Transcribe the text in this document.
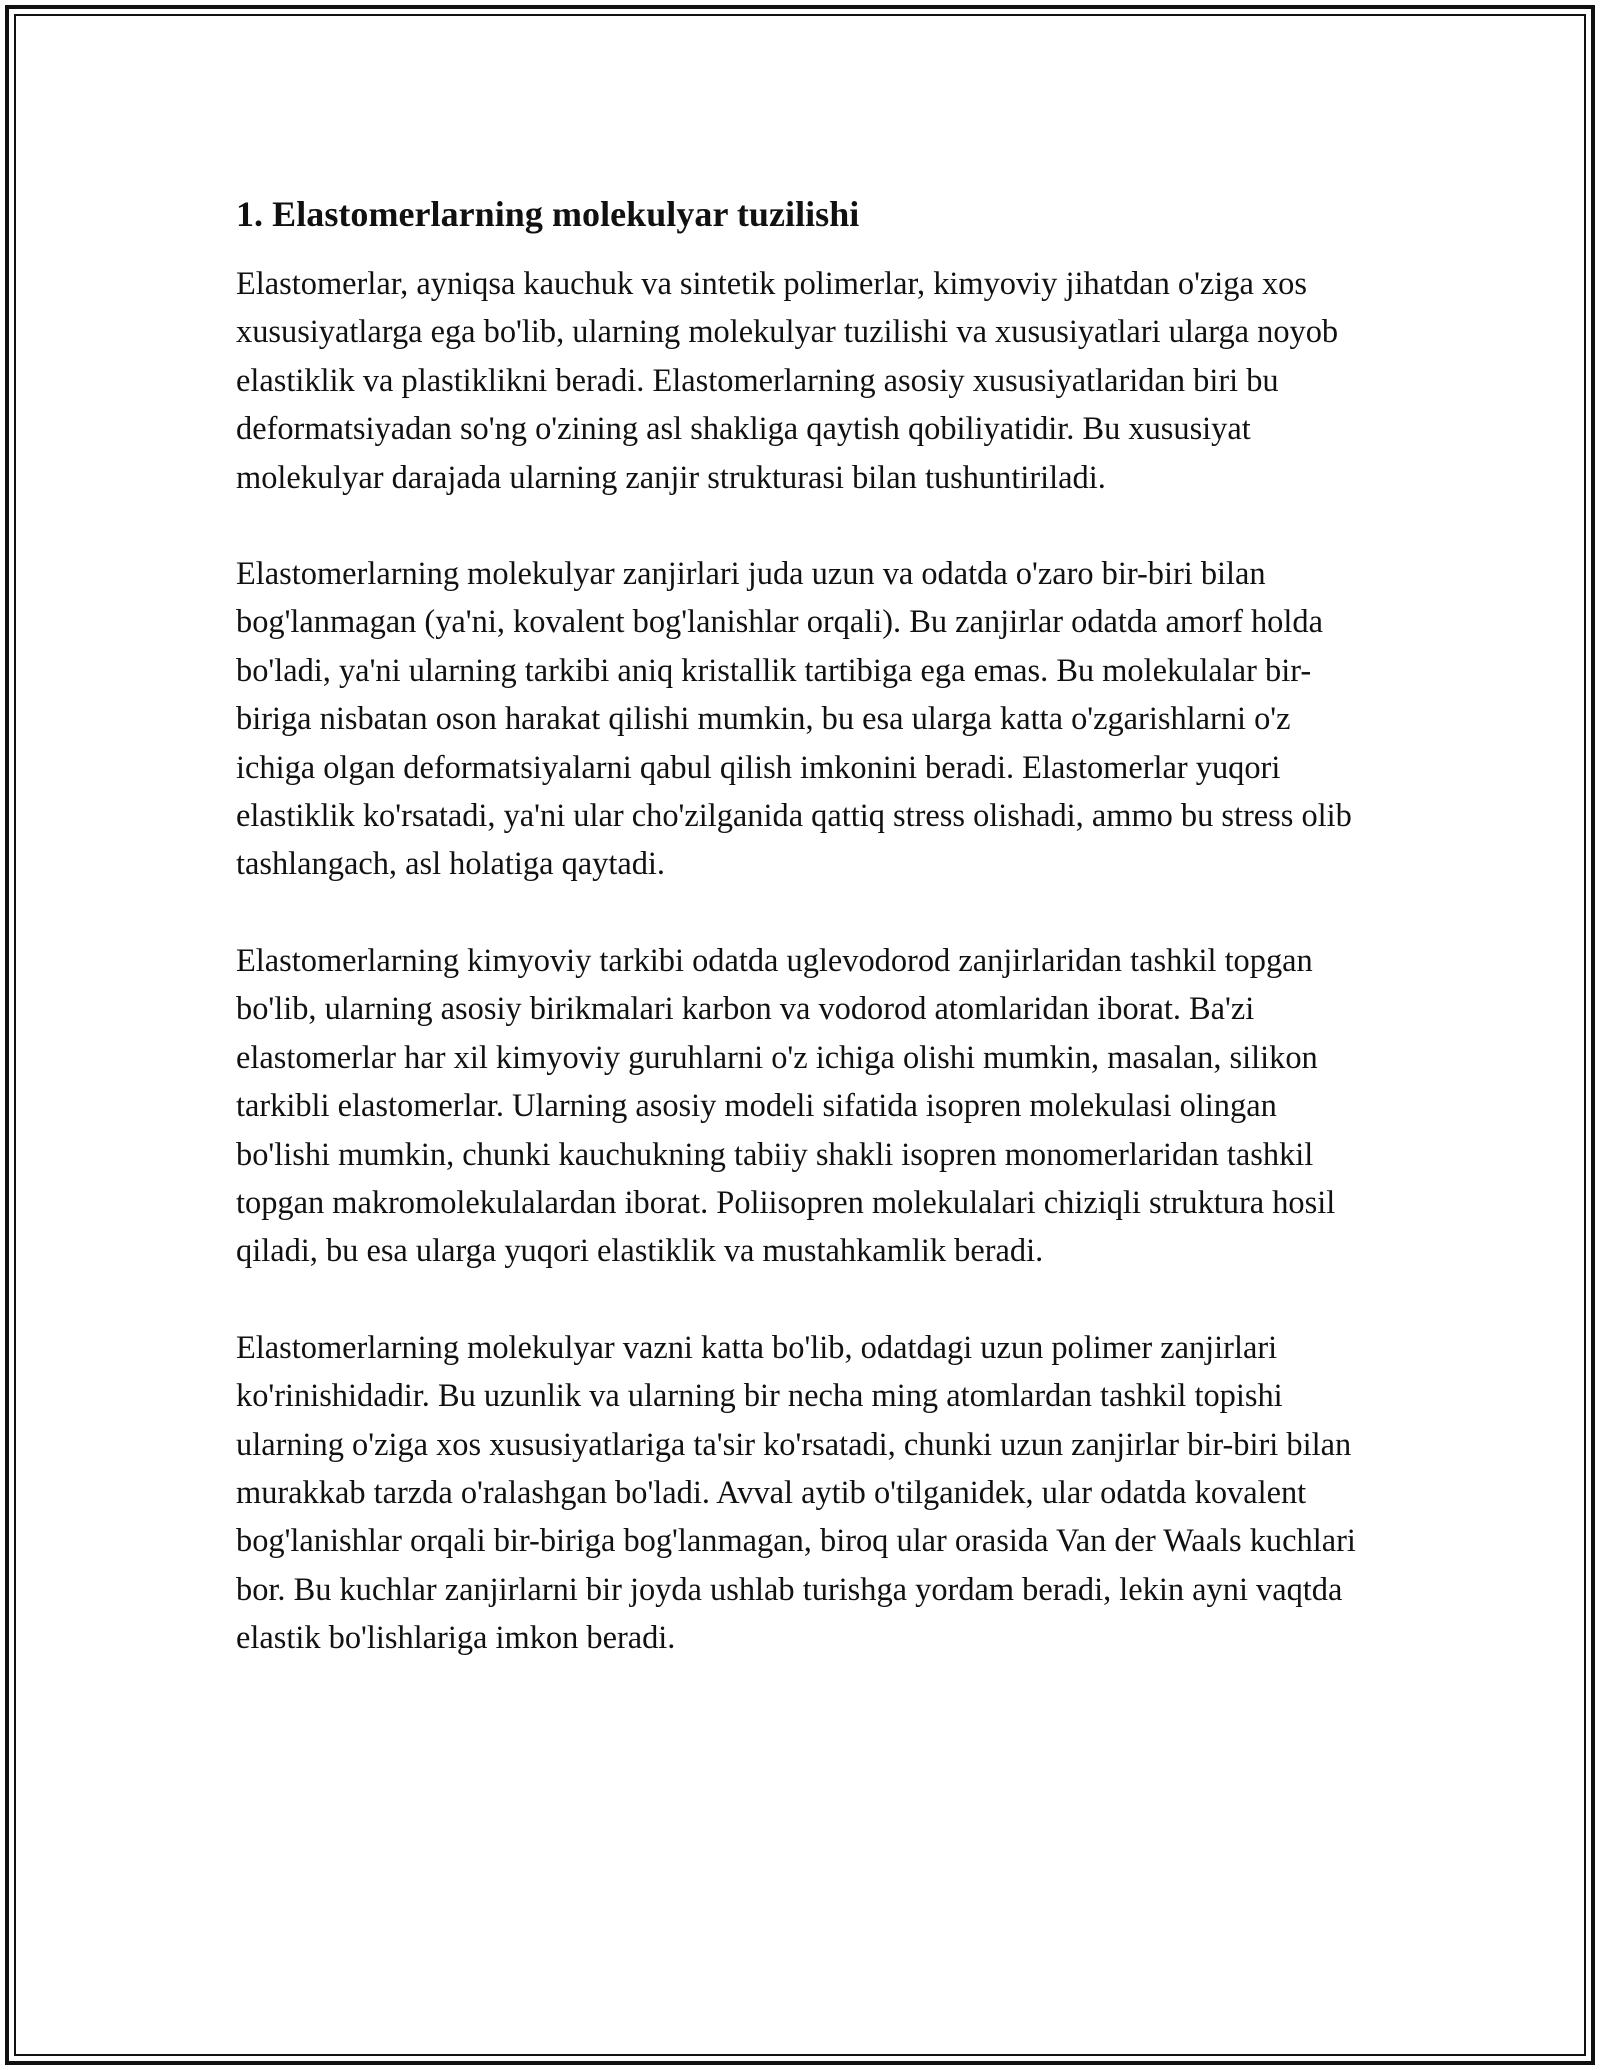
1. Elastomerlarning molekulyar tuzilishi

Elastomerlar, ayniqsa kauchuk va sintetik polimerlar, kimyoviy jihatdan o'ziga xos xususiyatlarga ega bo'lib, ularning molekulyar tuzilishi va xususiyatlari ularga noyob elastiklik va plastiklikni beradi. Elastomerlarning asosiy xususiyatlaridan biri bu deformatsiyadan so'ng o'zining asl shakliga qaytish qobiliyatidir. Bu xususiyat molekulyar darajada ularning zanjir strukturasi bilan tushuntiriladi.

Elastomerlarning molekulyar zanjirlari juda uzun va odatda o'zaro bir-biri bilan bog'lanmagan (ya'ni, kovalent bog'lanishlar orqali). Bu zanjirlar odatda amorf holda bo'ladi, ya'ni ularning tarkibi aniq kristallik tartibiga ega emas. Bu molekulalar bir-biriga nisbatan oson harakat qilishi mumkin, bu esa ularga katta o'zgarishlarni o'z ichiga olgan deformatsiyalarni qabul qilish imkonini beradi. Elastomerlar yuqori elastiklik ko'rsatadi, ya'ni ular cho'zilganida qattiq stress olishadi, ammo bu stress olib tashlangach, asl holatiga qaytadi.

Elastomerlarning kimyoviy tarkibi odatda uglevodorod zanjirlaridan tashkil topgan bo'lib, ularning asosiy birikmalari karbon va vodorod atomlaridan iborat. Ba'zi elastomerlar har xil kimyoviy guruhlarni o'z ichiga olishi mumkin, masalan, silikon tarkibli elastomerlar. Ularning asosiy modeli sifatida isopren molekulasi olingan bo'lishi mumkin, chunki kauchukning tabiiy shakli isopren monomerlaridan tashkil topgan makromolekulalardan iborat. Poliisopren molekulalari chiziqli struktura hosil qiladi, bu esa ularga yuqori elastiklik va mustahkamlik beradi.

Elastomerlarning molekulyar vazni katta bo'lib, odatdagi uzun polimer zanjirlari ko'rinishidadir. Bu uzunlik va ularning bir necha ming atomlardan tashkil topishi ularning o'ziga xos xususiyatlariga ta'sir ko'rsatadi, chunki uzun zanjirlar bir-biri bilan murakkab tarzda o'ralashgan bo'ladi. Avval aytib o'tilganidek, ular odatda kovalent bog'lanishlar orqali bir-biriga bog'lanmagan, biroq ular orasida Van der Waals kuchlari bor. Bu kuchlar zanjirlarni bir joyda ushlab turishga yordam beradi, lekin ayni vaqtda elastik bo'lishlariga imkon beradi.
